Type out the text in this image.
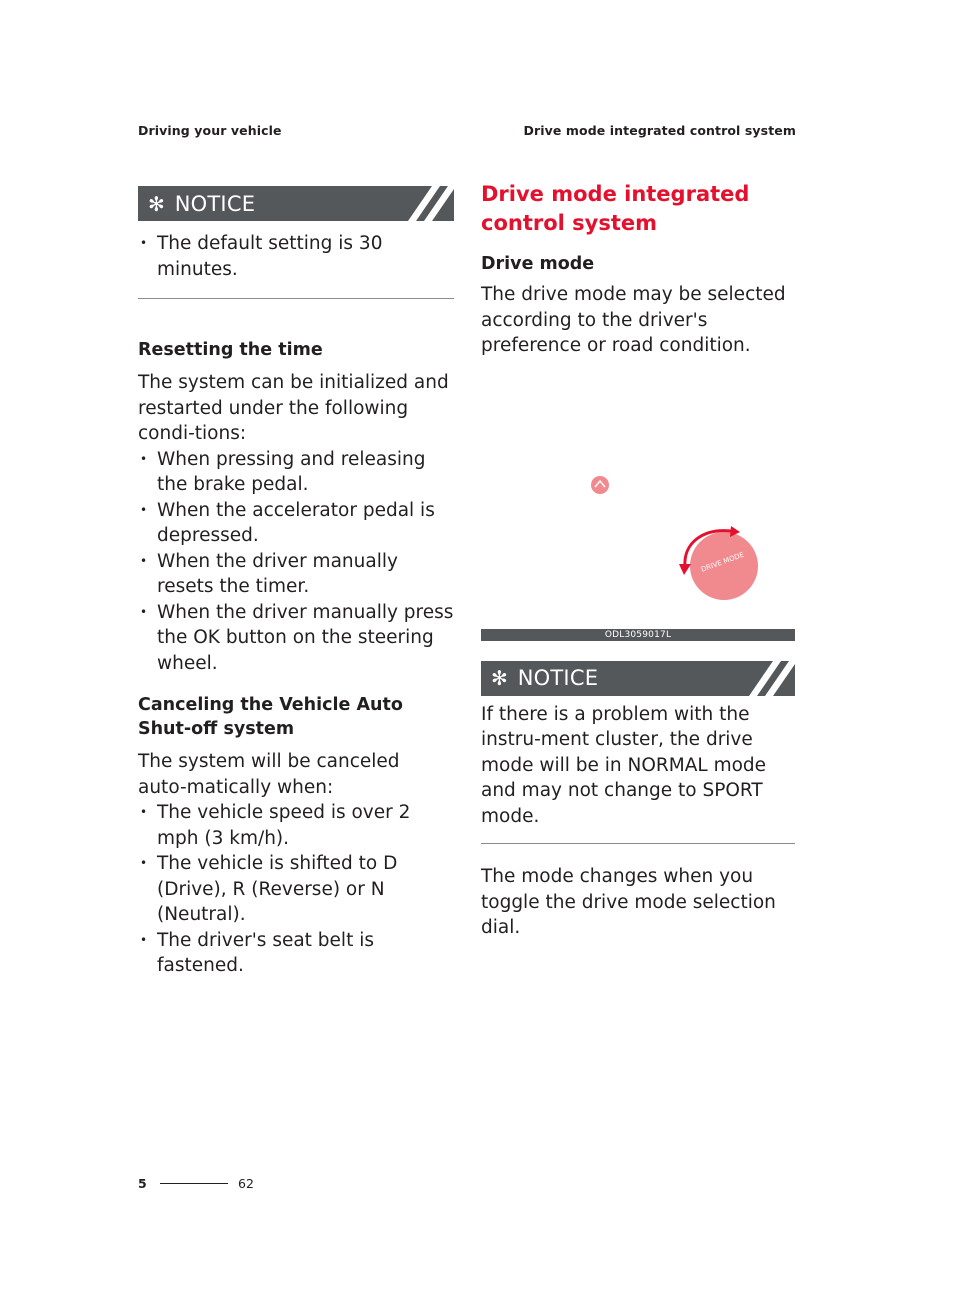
Driving your vehicle	Drive mode integrated control system
✻ NOTICE
• The default setting is 30 minutes.
Resetting the time
The system can be initialized and restarted under the following condi-tions:
• When pressing and releasing the brake pedal.
• When the accelerator pedal is depressed.
• When the driver manually resets the timer.
• When the driver manually press the OK button on the steering wheel.
Canceling the Vehicle Auto Shut-off system
The system will be canceled auto-matically when:
• The vehicle speed is over 2 mph (3 km/h).
• The vehicle is shifted to D (Drive), R (Reverse) or N (Neutral).
• The driver's seat belt is fastened.
Drive mode integrated control system
Drive mode
The drive mode may be selected according to the driver's preference or road condition.
DRIVE MODE
ODL3059017L
✻ NOTICE
If there is a problem with the instru-ment cluster, the drive mode will be in NORMAL mode and may not change to SPORT mode.
The mode changes when you toggle the drive mode selection dial.
5	62
